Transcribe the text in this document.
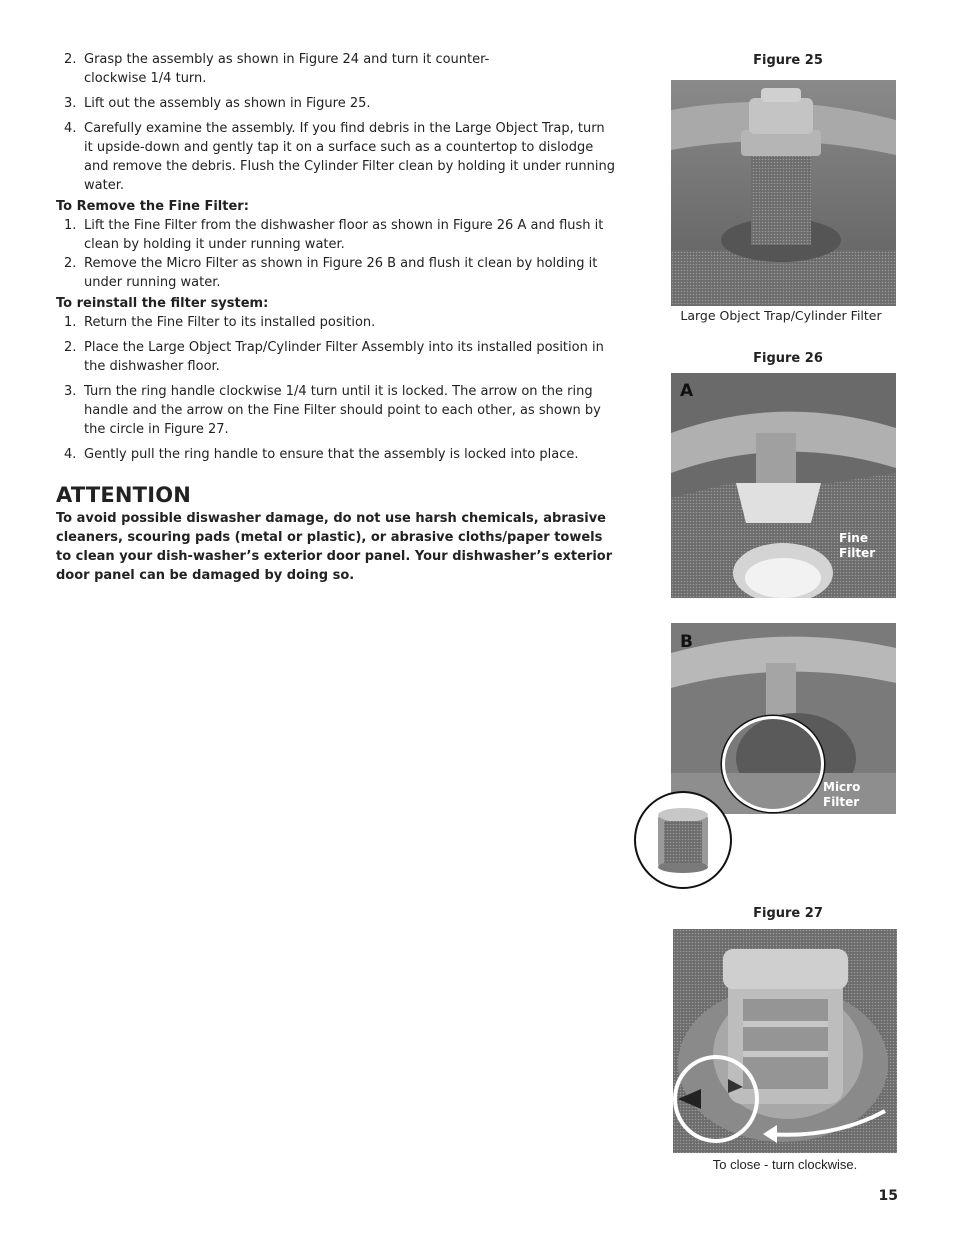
2. Grasp the assembly as shown in Figure 24 and turn it counter-
clockwise 1/4 turn.
3. Lift out the assembly as shown in Figure 25.
4. Carefully examine the assembly. If you find debris in the Large Object Trap, turn it upside-down and gently tap it on a surface such as a countertop to dislodge and remove the debris. Flush the Cylinder Filter clean by holding it under running water.
To Remove the Fine Filter:
1. Lift the Fine Filter from the dishwasher floor as shown in Figure 26 A and flush it clean by holding it under running water.
2. Remove the Micro Filter as shown in Figure 26 B and flush it clean by holding it under running water.
To reinstall the filter system:
1. Return the Fine Filter to its installed position.
2. Place the Large Object Trap/Cylinder Filter Assembly into its installed position in the dishwasher floor.
3. Turn the ring handle clockwise 1/4 turn until it is locked. The arrow on the ring handle and the arrow on the Fine Filter should point to each other, as shown by the circle in Figure 27.
4. Gently pull the ring handle to ensure that the assembly is locked into place.
ATTENTION

To avoid possible diswasher damage, do not use harsh chemicals, abrasive cleaners, scouring pads (metal or plastic), or abrasive cloths/paper towels to clean your dish-washer’s exterior door panel. Your dishwasher’s exterior door panel can be damaged by doing so.

Figure 25
Large Object Trap/Cylinder Filter
Figure 26
A
Fine
Filter
B
Micro
Filter
Figure 27
To close - turn clockwise.
15
